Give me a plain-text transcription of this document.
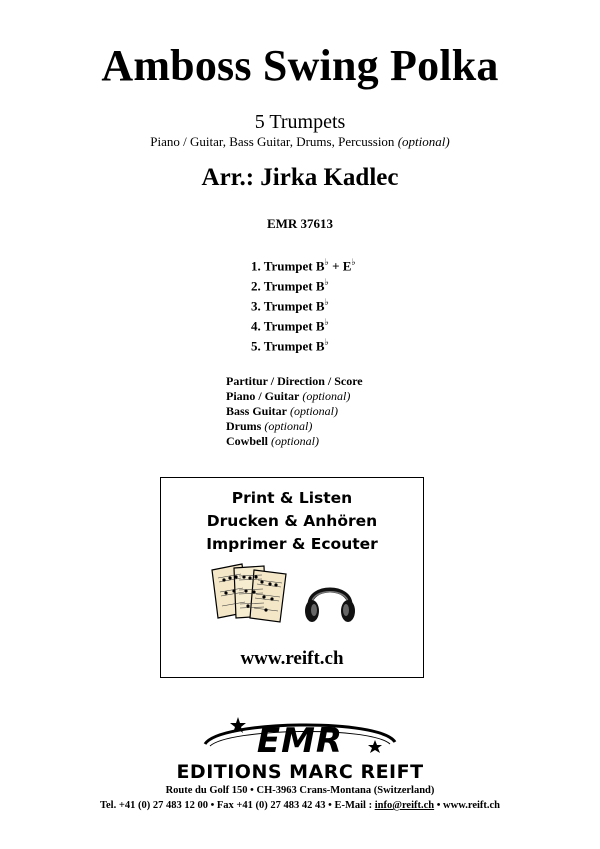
Amboss Swing Polka
5 Trumpets
Piano / Guitar, Bass Guitar, Drums, Percussion (optional)
Arr.: Jirka Kadlec
EMR 37613
1. Trumpet B♭ + E♭
2. Trumpet B♭
3. Trumpet B♭
4. Trumpet B♭
5. Trumpet B♭
Partitur / Direction / Score
Piano / Guitar (optional)
Bass Guitar (optional)
Drums (optional)
Cowbell (optional)
Print & Listen
Drucken & Anhören
Imprimer & Ecouter
www.reift.ch
EMR
EDITIONS MARC REIFT
Route du Golf 150 • CH-3963 Crans-Montana (Switzerland)
Tel. +41 (0) 27 483 12 00 • Fax +41 (0) 27 483 42 43 • E-Mail : info@reift.ch • www.reift.ch
